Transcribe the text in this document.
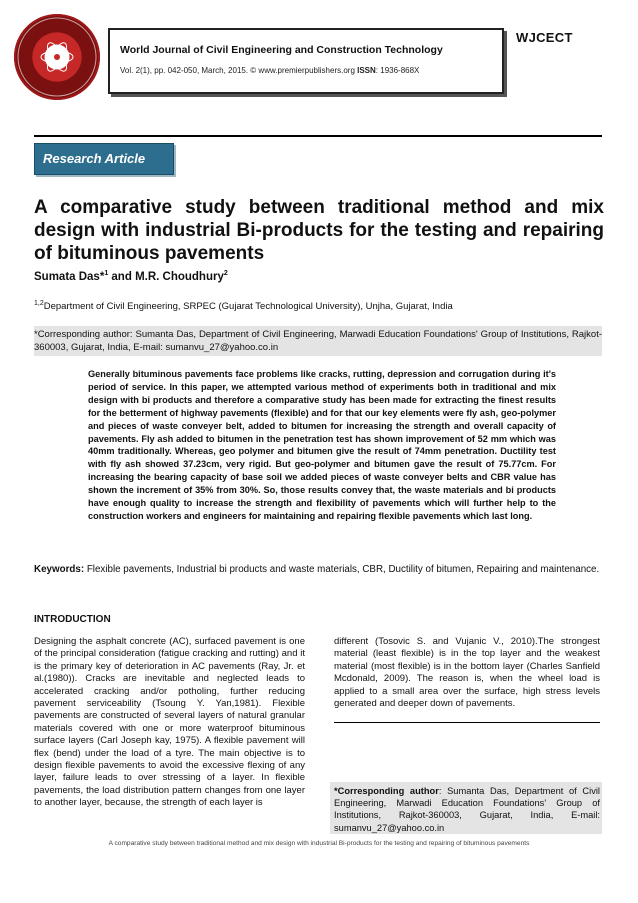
World Journal of Civil Engineering and Construction Technology
Vol. 2(1), pp. 042-050, March, 2015. © www.premierpublishers.org ISSN: 1936-868X
WJCECT
Research Article
A comparative study between traditional method and mix design with industrial Bi-products for the testing and repairing of bituminous pavements
Sumata Das*$^1$ and M.R. Choudhury$^2$
$^{1,2}$Department of Civil Engineering, SRPEC (Gujarat Technological University), Unjha, Gujarat, India
*Corresponding author: Sumanta Das, Department of Civil Engineering, Marwadi Education Foundations' Group of Institutions, Rajkot-360003, Gujarat, India, E-mail: sumanvu_27@yahoo.co.in
Generally bituminous pavements face problems like cracks, rutting, depression and corrugation during it's period of service. In this paper, we attempted various method of experiments both in traditional and mix design with bi products and therefore a comparative study has been made for extracting the finest results for the betterment of highway pavements (flexible) and for that our key elements were fly ash, geo-polymer and pieces of waste conveyer belt, added to bitumen for increasing the strength and overall capacity of pavements. Fly ash added to bitumen in the penetration test has shown improvement of 52 mm which was 40mm traditionally. Whereas, geo polymer and bitumen give the result of 74mm penetration. Ductility test with fly ash showed 37.23cm, very rigid. But geo-polymer and bitumen gave the result of 75.77cm. For increasing the bearing capacity of base soil we added pieces of waste conveyer belts and CBR value has shown the increment of 35% from 30%. So, those results convey that, the waste materials and bi products have enough quality to increase the strength and flexibility of pavements which will further help to the construction workers and engineers for maintaining and repairing flexible pavements which last long.
Keywords: Flexible pavements, Industrial bi products and waste materials, CBR, Ductility of bitumen, Repairing and maintenance.
INTRODUCTION
Designing the asphalt concrete (AC), surfaced pavement is one of the principal consideration (fatigue cracking and rutting) and it is the primary key of deterioration in AC pavements (Ray, Jr. et al.(1980)). Cracks are inevitable and neglected leads to accelerated cracking and/or potholing, further reducing pavement serviceability (Tsoung Y. Yan,1981). Flexible pavements are constructed of several layers of natural granular materials covered with one or more waterproof bituminous surface layers (Carl Joseph kay, 1975). A flexible pavement will flex (bend) under the load of a tyre. The main objective is to design flexible pavements to avoid the excessive flexing of any layer, failure leads to over stressing of a layer. In flexible pavements, the load distribution pattern changes from one layer to another layer, because, the strength of each layer is
different (Tosovic S. and Vujanic V., 2010).The strongest material (least flexible) is in the top layer and the weakest material (most flexible) is in the bottom layer (Charles Sanfield Mcdonald, 2009). The reason is, when the wheel load is applied to a small area over the surface, high stress levels generated and deeper down of pavements.
*Corresponding author: Sumanta Das, Department of Civil Engineering, Marwadi Education Foundations' Group of Institutions, Rajkot-360003, Gujarat, India, E-mail: sumanvu_27@yahoo.co.in
A comparative study between traditional method and mix design with industrial Bi-products for the testing and repairing of bituminous pavements
